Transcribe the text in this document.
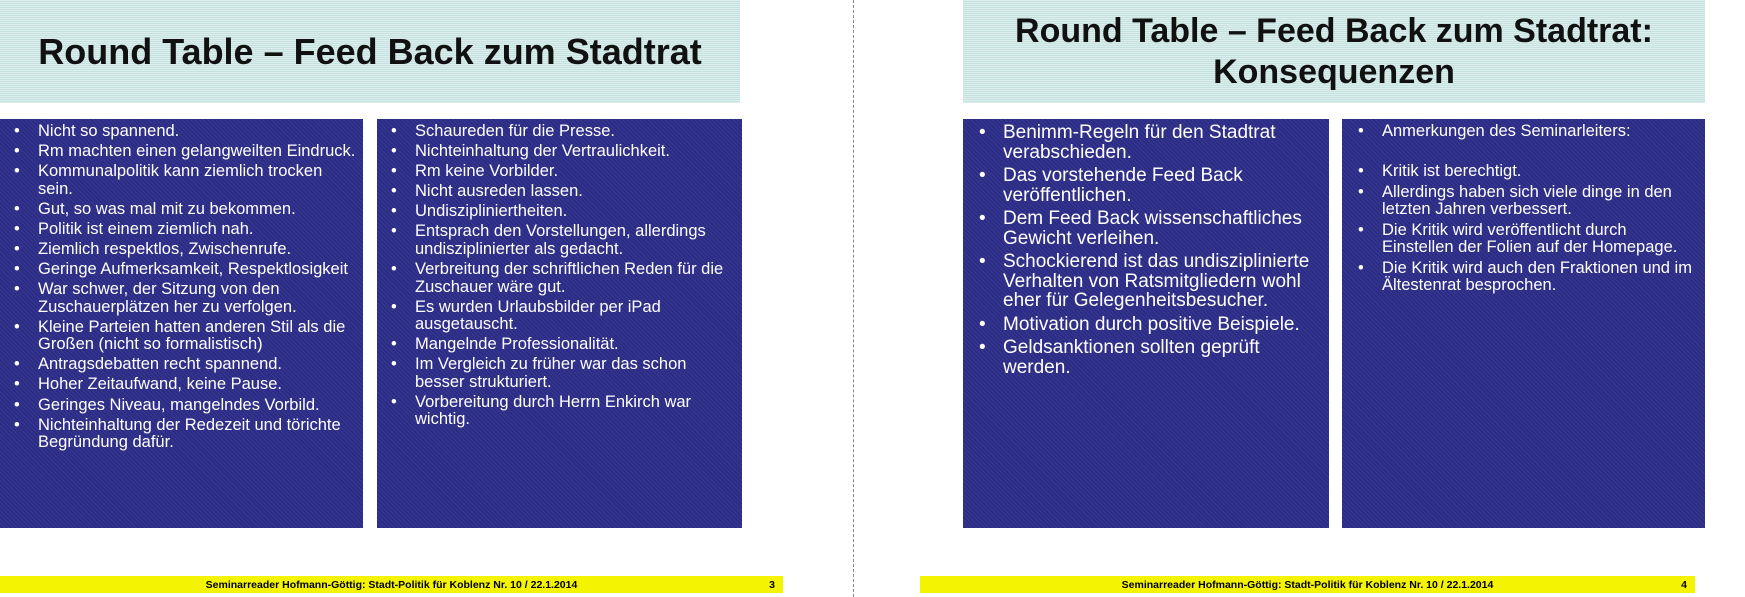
Round Table – Feed Back zum Stadtrat
• Nicht so spannend.
• Rm machten einen gelangweilten Eindruck.
• Kommunalpolitik kann ziemlich trocken sein.
• Gut, so was mal mit zu bekommen.
• Politik ist einem ziemlich nah.
• Ziemlich respektlos, Zwischenrufe.
• Geringe Aufmerksamkeit, Respektlosigkeit
• War schwer, der Sitzung von den Zuschauerplätzen her zu verfolgen.
• Kleine Parteien hatten anderen Stil als die Großen (nicht so formalistisch)
• Antragsdebatten recht spannend.
• Hoher Zeitaufwand, keine Pause.
• Geringes Niveau, mangelndes Vorbild.
• Nichteinhaltung der Redezeit und törichte Begründung dafür.
• Schaureden für die Presse.
• Nichteinhaltung der Vertraulichkeit.
• Rm keine Vorbilder.
• Nicht ausreden lassen.
• Undiszipliniertheiten.
• Entsprach den Vorstellungen, allerdings undisziplinierter als gedacht.
• Verbreitung der schriftlichen Reden für die Zuschauer wäre gut.
• Es wurden Urlaubsbilder per iPad ausgetauscht.
• Mangelnde Professionalität.
• Im Vergleich zu früher war das schon besser strukturiert.
• Vorbereitung durch Herrn Enkirch war wichtig.
Seminarreader Hofmann-Göttig: Stadt-Politik für Koblenz Nr. 10 / 22.1.2014	3
Round Table – Feed Back zum Stadtrat:
Konsequenzen
• Benimm-Regeln für den Stadtrat verabschieden.
• Das vorstehende Feed Back veröffentlichen.
• Dem Feed Back wissenschaftliches Gewicht verleihen.
• Schockierend ist das undisziplinierte Verhalten von Ratsmitgliedern wohl eher für Gelegenheitsbesucher.
• Motivation durch positive Beispiele.
• Geldsanktionen sollten geprüft werden.
• Anmerkungen des Seminarleiters:
• Kritik ist berechtigt.
• Allerdings haben sich viele dinge in den letzten Jahren verbessert.
• Die Kritik wird veröffentlicht durch Einstellen der Folien auf der Homepage.
• Die Kritik wird auch den Fraktionen und im Ältestenrat besprochen.
Seminarreader Hofmann-Göttig: Stadt-Politik für Koblenz Nr. 10 / 22.1.2014	4
